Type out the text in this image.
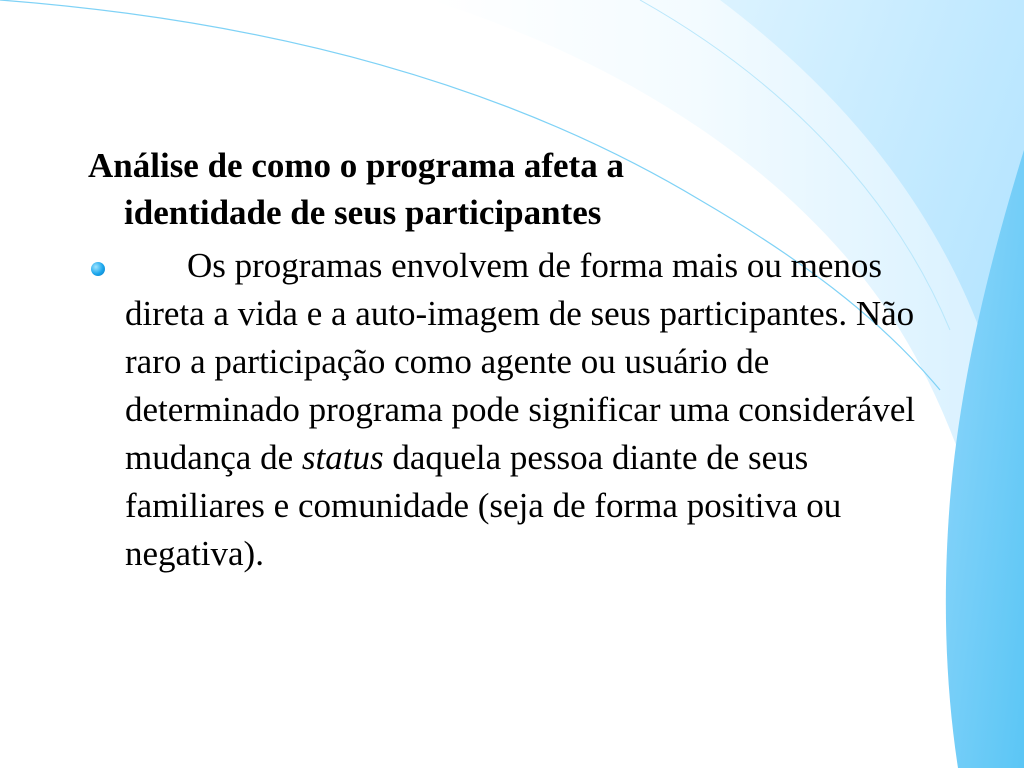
Análise de como o programa afeta a
identidade de seus participantes

Os programas envolvem de forma mais ou menos direta a vida e a auto-imagem de seus participantes. Não raro a participação como agente ou usuário de determinado programa pode significar uma considerável mudança de status daquela pessoa diante de seus familiares e comunidade (seja de forma positiva ou negativa).
